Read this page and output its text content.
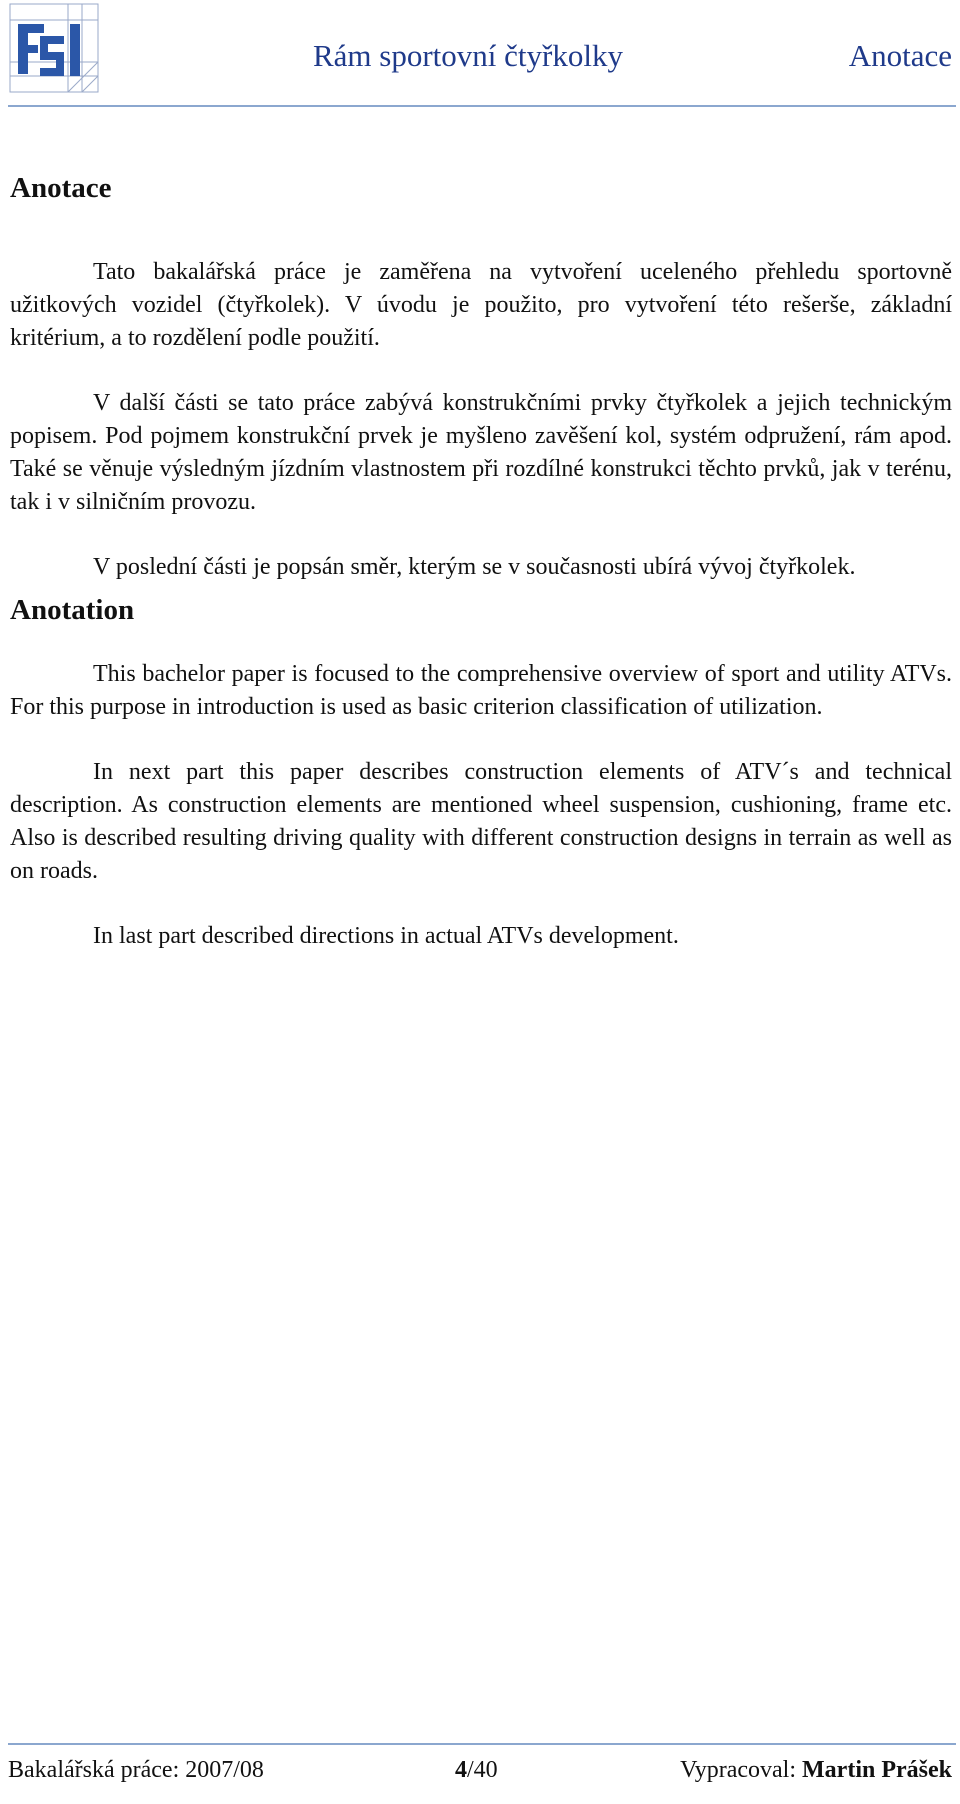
Rám sportovní čtyřkolky	Anotace
Anotace

Tato bakalářská práce je zaměřena na vytvoření uceleného přehledu sportovně užitkových vozidel (čtyřkolek). V úvodu je použito, pro vytvoření této rešerše, základní kritérium, a to rozdělení podle použití.

V další části se tato práce zabývá konstrukčními prvky čtyřkolek a jejich technickým popisem. Pod pojmem konstrukční prvek je myšleno zavěšení kol, systém odpružení, rám apod. Také se věnuje výsledným jízdním vlastnostem při rozdílné konstrukci těchto prvků, jak v terénu, tak i v silničním provozu.

V poslední části je popsán směr, kterým se v současnosti ubírá vývoj čtyřkolek.

Anotation

This bachelor paper is focused to the comprehensive overview of sport and utility ATVs. For this purpose in introduction is used as basic criterion classification of utilization.

In next part this paper describes construction elements of ATV´s and technical description. As construction elements are mentioned wheel suspension, cushioning, frame etc. Also is described resulting driving quality with different construction designs in terrain as well as on roads.

In last part described directions in actual ATVs development.

Bakalářská práce: 2007/08	4/40	Vypracoval: Martin Prášek
